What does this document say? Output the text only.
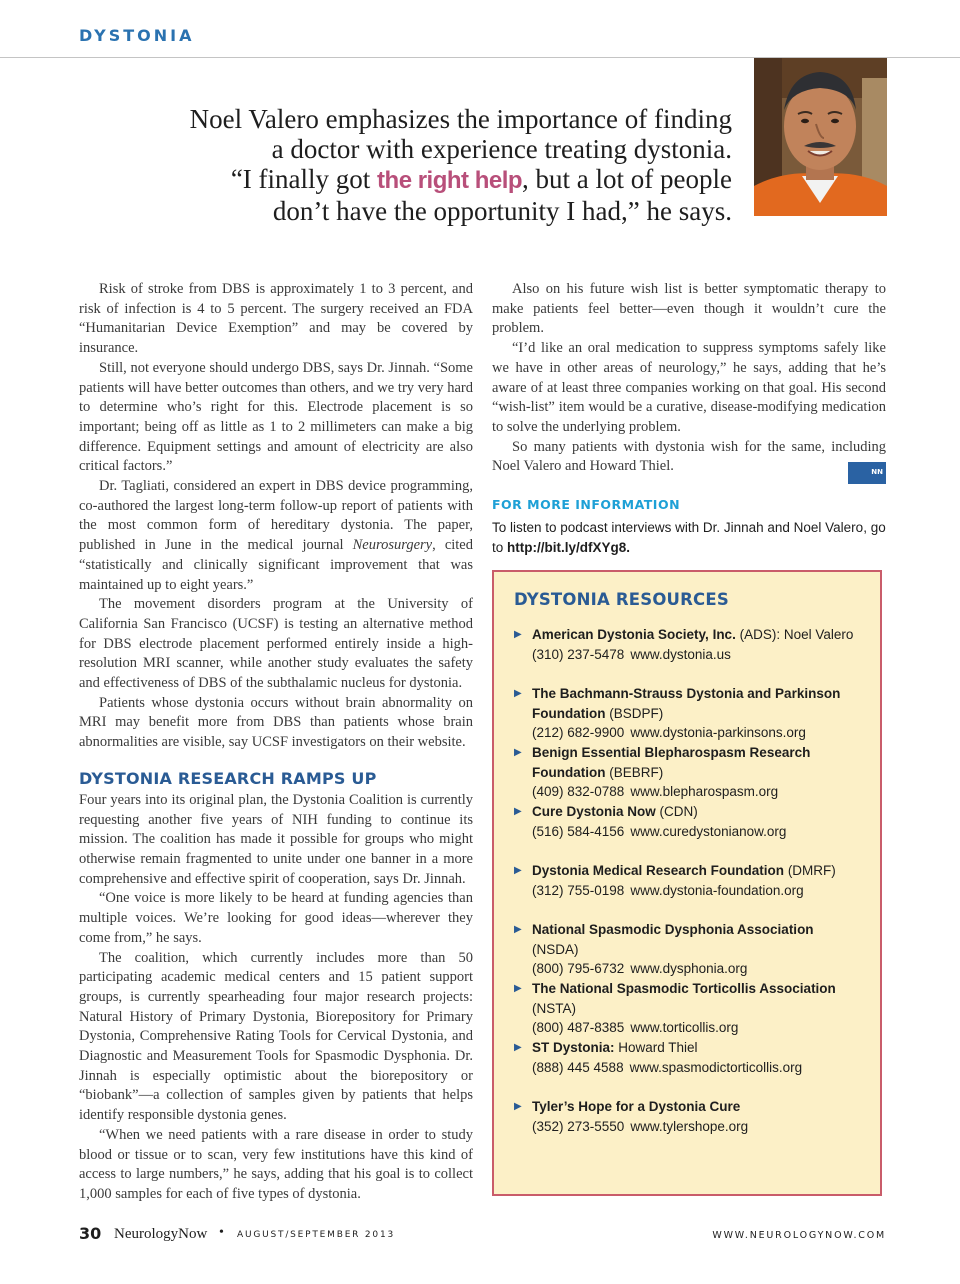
DYSTONIA

Noel Valero emphasizes the importance of finding

a doctor with experience treating dystonia.

“I finally got the right help, but a lot of people

don’t have the opportunity I had,” he says.

Risk of stroke from DBS is approximately 1 to 3 percent, and risk of infection is 4 to 5 percent. The surgery received an FDA “Humanitarian Device Exemption” and may be covered by insurance.

Still, not everyone should undergo DBS, says Dr. Jinnah. “Some patients will have better outcomes than others, and we try very hard to determine who’s right for this. Electrode placement is so important; being off as little as 1 to 2 millimeters can make a big difference. Equipment settings and amount of electricity are also critical factors.”

Dr. Tagliati, considered an expert in DBS device programming, co-authored the largest long-term follow-up report of patients with the most common form of hereditary dystonia. The paper, published in June in the medical journal Neurosurgery, cited “statistically and clinically significant improvement that was maintained up to eight years.”

The movement disorders program at the University of California San Francisco (UCSF) is testing an alternative method for DBS electrode placement performed entirely inside a high-resolution MRI scanner, while another study evaluates the safety and effectiveness of DBS of the subthalamic nucleus for dystonia.

Patients whose dystonia occurs without brain abnormality on MRI may benefit more from DBS than patients whose brain abnormalities are visible, say UCSF investigators on their website.

DYSTONIA RESEARCH RAMPS UP

Four years into its original plan, the Dystonia Coalition is currently requesting another five years of NIH funding to continue its mission. The coalition has made it possible for groups who might otherwise remain fragmented to unite under one banner in a more comprehensive and effective spirit of cooperation, says Dr. Jinnah.

“One voice is more likely to be heard at funding agencies than multiple voices. We’re looking for good ideas—wherever they come from,” he says.

The coalition, which currently includes more than 50 participating academic medical centers and 15 patient support groups, is currently spearheading four major research projects: Natural History of Primary Dystonia, Biorepository for Primary Dystonia, Comprehensive Rating Tools for Cervical Dystonia, and Diagnostic and Measurement Tools for Spasmodic Dysphonia. Dr. Jinnah is especially optimistic about the biorepository or “biobank”—a collection of samples given by patients that helps identify responsible dystonia genes.

“When we need patients with a rare disease in order to study blood or tissue or to scan, very few institutions have this kind of access to large numbers,” he says, adding that his goal is to collect 1,000 samples for each of five types of dystonia.

Also on his future wish list is better symptomatic therapy to make patients feel better—even though it wouldn’t cure the problem.

“I’d like an oral medication to suppress symptoms safely like we have in other areas of neurology,” he says, adding that he’s aware of at least three companies working on that goal. His second “wish-list” item would be a curative, disease-modifying medication to solve the underlying problem.

So many patients with dystonia wish for the same, including Noel Valero and Howard Thiel.	NN

FOR MORE INFORMATION
To listen to podcast interviews with Dr. Jinnah and Noel Valero, go to http://bit.ly/dfXYg8.
DYSTONIA RESOURCES
▶ American Dystonia Society, Inc. (ADS): Noel Valero
(310) 237-5478 www.dystonia.us
▶ The Bachmann-Strauss Dystonia and Parkinson Foundation (BSDPF)
(212) 682-9900 www.dystonia-parkinsons.org
▶ Benign Essential Blepharospasm Research Foundation (BEBRF)
(409) 832-0788 www.blepharospasm.org
▶ Cure Dystonia Now (CDN)
(516) 584-4156 www.curedystonianow.org
▶ Dystonia Medical Research Foundation (DMRF)
(312) 755-0198 www.dystonia-foundation.org
▶ National Spasmodic Dysphonia Association (NSDA)
(800) 795-6732 www.dysphonia.org
▶ The National Spasmodic Torticollis Association (NSTA)
(800) 487-8385 www.torticollis.org
▶ ST Dystonia: Howard Thiel
(888) 445 4588 www.spasmodictorticollis.org
▶ Tyler’s Hope for a Dystonia Cure
(352) 273-5550 www.tylershope.org
30 NeurologyNow • AUGUST/SEPTEMBER 2013	WWW.NEUROLOGYNOW.COM
